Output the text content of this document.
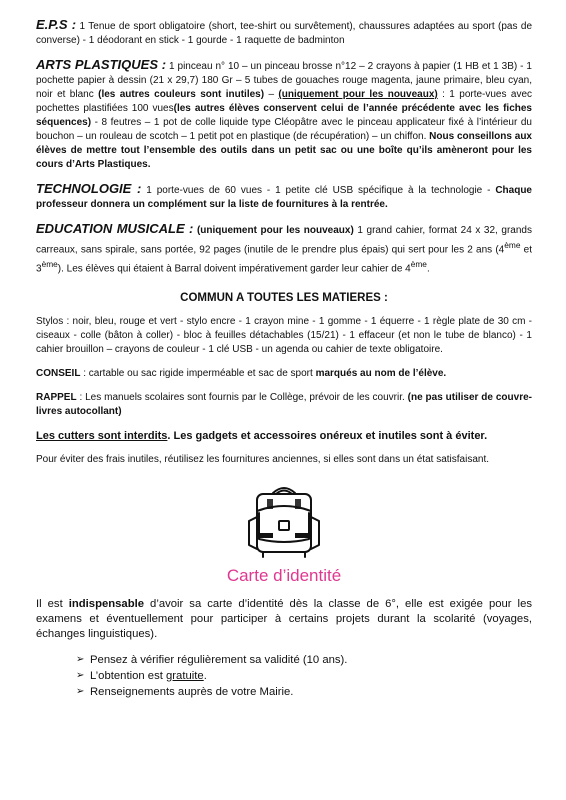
E.P.S : 1 Tenue de sport obligatoire (short, tee-shirt ou survêtement), chaussures adaptées au sport (pas de converse) - 1 déodorant en stick - 1 gourde - 1 raquette de badminton

ARTS PLASTIQUES : 1 pinceau n° 10 – un pinceau brosse n°12 – 2 crayons à papier (1 HB et 1 3B) - 1 pochette papier à dessin (21 x 29,7) 180 Gr – 5 tubes de gouaches rouge magenta, jaune primaire, bleu cyan, noir et blanc (les autres couleurs sont inutiles) – (uniquement pour les nouveaux) : 1 porte-vues avec pochettes plastifiées 100 vues(les autres élèves conservent celui de l’année précédente avec les fiches séquences) - 8 feutres – 1 pot de colle liquide type Cléopâtre avec le pinceau applicateur fixé à l’intérieur du bouchon – un rouleau de scotch – 1 petit pot en plastique (de récupération) – un chiffon. Nous conseillons aux élèves de mettre tout l’ensemble des outils dans un petit sac ou une boîte qu’ils amèneront pour les cours d’Arts Plastiques.

TECHNOLOGIE : 1 porte-vues de 60 vues - 1 petite clé USB spécifique à la technologie - Chaque professeur donnera un complément sur la liste de fournitures à la rentrée.

EDUCATION MUSICALE : (uniquement pour les nouveaux) 1 grand cahier, format 24 x 32, grands carreaux, sans spirale, sans portée, 92 pages (inutile de le prendre plus épais) qui sert pour les 2 ans (4ème et 3ème). Les élèves qui étaient à Barral doivent impérativement garder leur cahier de 4ème.

COMMUN A TOUTES LES MATIERES :

Stylos : noir, bleu, rouge et vert - stylo encre - 1 crayon mine - 1 gomme - 1 équerre - 1 règle plate de 30 cm - ciseaux - colle (bâton à coller) - bloc à feuilles détachables (15/21) - 1 effaceur (et non le tube de blanco) - 1 cahier brouillon – crayons de couleur - 1 clé USB - un agenda ou cahier de texte obligatoire.

CONSEIL : cartable ou sac rigide imperméable et sac de sport marqués au nom de l’élève.

RAPPEL : Les manuels scolaires sont fournis par le Collège, prévoir de les couvrir. (ne pas utiliser de couvre-livres autocollant)

Les cutters sont interdits. Les gadgets et accessoires onéreux et inutiles sont à éviter.

Pour éviter des frais inutiles, réutilisez les fournitures anciennes, si elles sont dans un état satisfaisant.

Carte d’identité

Il est indispensable d’avoir sa carte d’identité dès la classe de 6°, elle est exigée pour les examens et éventuellement pour participer à certains projets durant la scolarité (voyages, échanges linguistiques).

➢ Pensez à vérifier régulièrement sa validité (10 ans).
➢ L’obtention est gratuite.
➢ Renseignements auprès de votre Mairie.
